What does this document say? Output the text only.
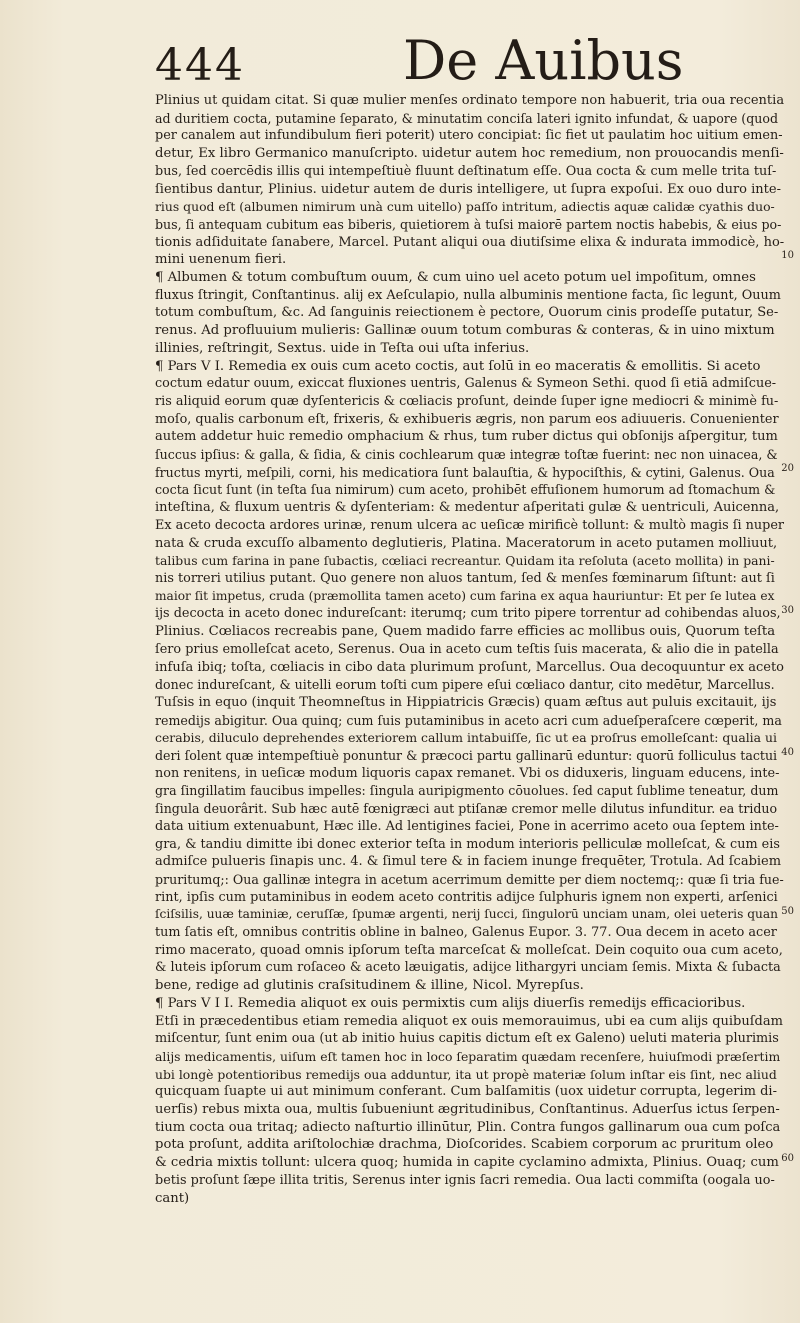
444	De Auibus
10
20
30
40
50
60

Plinius ut quidam citat. Si quæ mulier menſes ordinato tempore non habuerit, tria oua recentia
ad duritiem cocta, putamine ſeparato, & minutatim conciſa lateri ignito infundat, & uapore (quod
per canalem aut infundibulum fieri poterit) utero concipiat: ſic fiet ut paulatim hoc uitium emen-
detur, Ex libro Germanico manuſcripto. uidetur autem hoc remedium, non prouocandis menſi-
bus, ſed coercēdis illis qui intempeſtiuè fluunt deſtinatum eſſe. Oua cocta & cum melle trita tuſ-
ſientibus dantur, Plinius. uidetur autem de duris intelligere, ut ſupra expoſui. Ex ouo duro inte-
rius quod eſt (albumen nimirum unà cum uitello) paſſo intritum, adiectis aquæ calidæ cyathis duo-
bus, ſi antequam cubitum eas biberis, quietiorem à tuſsi maiorē partem noctis habebis, & eius po-
tionis adſiduitate ſanabere, Marcel. Putant aliqui oua diutiſsime elixa & indurata immodicè, ho-
mini uenenum fieri.

¶ Albumen & totum combuſtum ouum, & cum uino uel aceto potum uel impoſitum, omnes
fluxus ſtringit, Conſtantinus. alij ex Aeſculapio, nulla albuminis mentione facta, ſic legunt, Ouum
totum combuſtum, &c. Ad ſanguinis reiectionem è pectore, Ouorum cinis prodeſſe putatur, Se-
renus. Ad profluuium mulieris: Gallinæ ouum totum comburas & conteras, & in uino mixtum
illinies, reſtringit, Sextus. uide in Teſta oui uſta inferius.

¶ Pars V I. Remedia ex ouis cum aceto coctis, aut ſolū in eo maceratis & emollitis. Si aceto
coctum edatur ouum, exiccat fluxiones uentris, Galenus & Symeon Sethi. quod ſi etiā admiſcue-
ris aliquid eorum quæ dyſentericis & cœliacis proſunt, deinde ſuper igne mediocri & minimè fu-
moſo, qualis carbonum eſt, frixeris, & exhibueris ægris, non parum eos adiuueris. Conuenienter
autem addetur huic remedio omphacium & rhus, tum ruber dictus qui obſonijs aſpergitur, tum
ſuccus ipſius: & galla, & ſidia, & cinis cochlearum quæ integræ toſtæ fuerint: nec non uinacea, &
fructus myrti, meſpili, corni, his medicatiora ſunt balauſtia, & hypociſthis, & cytini, Galenus. Oua
cocta ſicut ſunt (in teſta ſua nimirum) cum aceto, prohibēt effuſionem humorum ad ſtomachum &
inteſtina, & fluxum uentris & dyſenteriam: & medentur aſperitati gulæ & uentriculi, Auicenna,
Ex aceto decocta ardores urinæ, renum ulcera ac ueſicæ mirificè tollunt: & multò magis ſi nuper
nata & cruda excuſſo albamento deglutieris, Platina. Maceratorum in aceto putamen molliuut,
talibus cum farina in pane ſubactis, cœliaci recreantur. Quidam ita reſoluta (aceto mollita) in pani-
nis torreri utilius putant. Quo genere non aluos tantum, ſed & menſes fœminarum ſiſtunt: aut ſi
maior ſit impetus, cruda (præmollita tamen aceto) cum farina ex aqua hauriuntur: Et per ſe lutea ex
ijs decocta in aceto donec indureſcant: iterumq; cum trito pipere torrentur ad cohibendas aluos,
Plinius. Cœliacos recreabis pane, Quem madido farre efficies ac mollibus ouis, Quorum teſta
ſero prius emolleſcat aceto, Serenus. Oua in aceto cum teſtis ſuis macerata, & alio die in patella
infuſa ibiq; toſta, cœliacis in cibo data plurimum proſunt, Marcellus. Oua decoquuntur ex aceto
donec indureſcant, & uitelli eorum toſti cum pipere eſui cœliaco dantur, cito medētur, Marcellus.
Tuſsis in equo (inquit Theomneſtus in Hippiatricis Græcis) quam æſtus aut puluis excitauit, ijs
remedijs abigitur. Oua quinq; cum ſuis putaminibus in aceto acri cum adueſperaſcere cœperit, ma
cerabis, diluculo deprehendes exteriorem callum intabuiſſe, ſic ut ea proſrus emolleſcant: qualia ui
deri ſolent quæ intempeſtiuè ponuntur & præcoci partu gallinarū eduntur: quorū folliculus tactui
non renitens, in ueſicæ modum liquoris capax remanet. Vbi os diduxeris, linguam educens, inte-
gra ſingillatim faucibus impelles: ſingula auripigmento cōuolues. ſed caput ſublime teneatur, dum
ſingula deuorârit. Sub hæc autē fœnigræci aut ptiſanæ cremor melle dilutus infunditur. ea triduo
data uitium extenuabunt, Hæc ille. Ad lentigines faciei, Pone in acerrimo aceto oua ſeptem inte-
gra, & tandiu dimitte ibi donec exterior teſta in modum interioris pelliculæ molleſcat, & cum eis
admiſce pulueris ſinapis unc. 4. & ſimul tere & in faciem inunge frequēter, Trotula. Ad ſcabiem
pruritumq;: Oua gallinæ integra in acetum acerrimum demitte per diem noctemq;: quæ ſi tria fue-
rint, ipſis cum putaminibus in eodem aceto contritis adijce ſulphuris ignem non experti, arſenici
ſciſsilis, uuæ taminiæ, ceruſſæ, ſpumæ argenti, nerij ſucci, ſingulorū unciam unam, olei ueteris quan
tum ſatis eſt, omnibus contritis obline in balneo, Galenus Eupor. 3. 77. Oua decem in aceto acer
rimo macerato, quoad omnis ipſorum teſta marceſcat & molleſcat. Dein coquito oua cum aceto,
& luteis ipſorum cum roſaceo & aceto læuigatis, adijce lithargyri unciam ſemis. Mixta & ſubacta
bene, redige ad glutinis craſsitudinem & illine, Nicol. Myrepſus.

¶ Pars V I I. Remedia aliquot ex ouis permixtis cum alijs diuerſis remedijs efficacioribus.
Etſi in præcedentibus etiam remedia aliquot ex ouis memorauimus, ubi ea cum alijs quibuſdam
miſcentur, ſunt enim oua (ut ab initio huius capitis dictum eſt ex Galeno) ueluti materia plurimis
alijs medicamentis, uiſum eſt tamen hoc in loco ſeparatim quædam recenſere, huiuſmodi præſertim
ubi longè potentioribus remedijs oua adduntur, ita ut propè materiæ ſolum inſtar eis ſint, nec aliud
quicquam ſuapte ui aut minimum conferant. Cum balſamitis (uox uidetur corrupta, legerim di-
uerſis) rebus mixta oua, multis ſubueniunt ægritudinibus, Conſtantinus. Aduerſus ictus ſerpen-
tium cocta oua tritaq; adiecto naſturtio illinūtur, Plin. Contra fungos gallinarum oua cum poſca
pota proſunt, addita ariſtolochiæ drachma, Dioſcorides. Scabiem corporum ac pruritum oleo
& cedria mixtis tollunt: ulcera quoq; humida in capite cyclamino admixta, Plinius. Ouaq; cum
betis proſunt ſæpe illita tritis, Serenus inter ignis ſacri remedia. Oua lacti commiſta (oogala uo-
cant)
